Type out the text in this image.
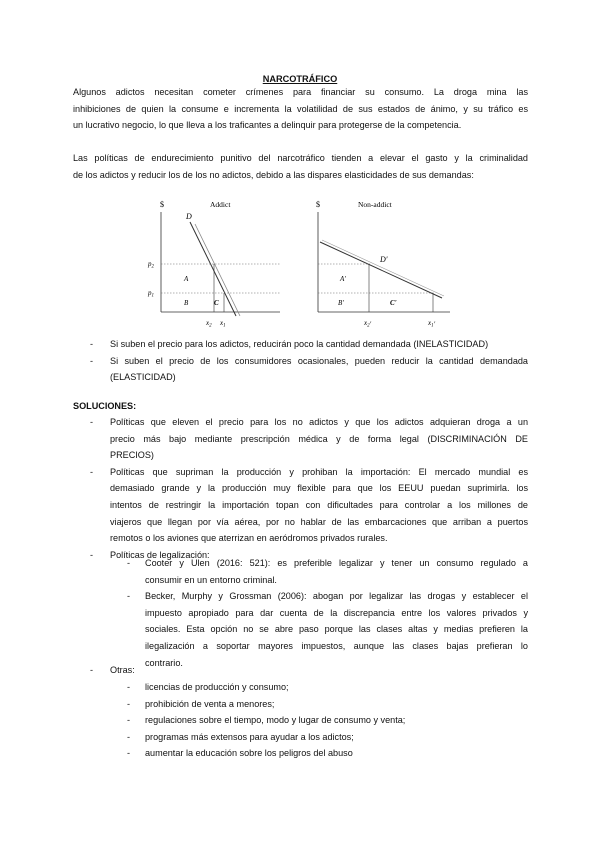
NARCOTRÁFICO
Algunos adictos necesitan cometer crímenes para financiar su consumo. La droga mina las
inhibiciones de quien la consume e incrementa la volatilidad de sus estados de ánimo, y su tráfico es
un lucrativo negocio, lo que lleva a los traficantes a delinquir para protegerse de la competencia.
Las políticas de endurecimiento punitivo del narcotráfico tienden a elevar el gasto y la criminalidad
de los adictos y reducir los de los no adictos, debido a las dispares elasticidades de sus demandas:
$	Addict
D
$p_2$
$p_1$
A
B	C
$x_2$ $x_1$
$	Non-addict
D'
A'
B'	C'
$x_2'$	$x_1'$
- Si suben el precio para los adictos, reducirán poco la cantidad demandada (INELASTICIDAD)
- Si suben el precio de los consumidores ocasionales, pueden reducir la cantidad demandada
(ELASTICIDAD)
SOLUCIONES:
- Políticas que eleven el precio para los no adictos y que los adictos adquieran droga a un
precio más bajo mediante prescripción médica y de forma legal (DISCRIMINACIÓN DE
PRECIOS)
- Políticas que supriman la producción y prohiban la importación: El mercado mundial es
demasiado grande y la producción muy flexible para que los EEUU puedan suprimirla. los
intentos de restringir la importación topan con dificultades para controlar a los millones de
viajeros que llegan por vía aérea, por no hablar de las embarcaciones que arriban a puertos
remotos o los aviones que aterrizan en aeródromos privados rurales.
- Políticas de legalización:
- Cooter y Ulen (2016: 521): es preferible legalizar y tener un consumo regulado a
consumir en un entorno criminal.
- Becker, Murphy y Grossman (2006): abogan por legalizar las drogas y establecer el
impuesto apropiado para dar cuenta de la discrepancia entre los valores privados y
sociales. Esta opción no se abre paso porque las clases altas y medias prefieren la
ilegalización a soportar mayores impuestos, aunque las clases bajas prefieran lo
contrario.
- Otras:
- licencias de producción y consumo;
- prohibición de venta a menores;
- regulaciones sobre el tiempo, modo y lugar de consumo y venta;
- programas más extensos para ayudar a los adictos;
- aumentar la educación sobre los peligros del abuso
